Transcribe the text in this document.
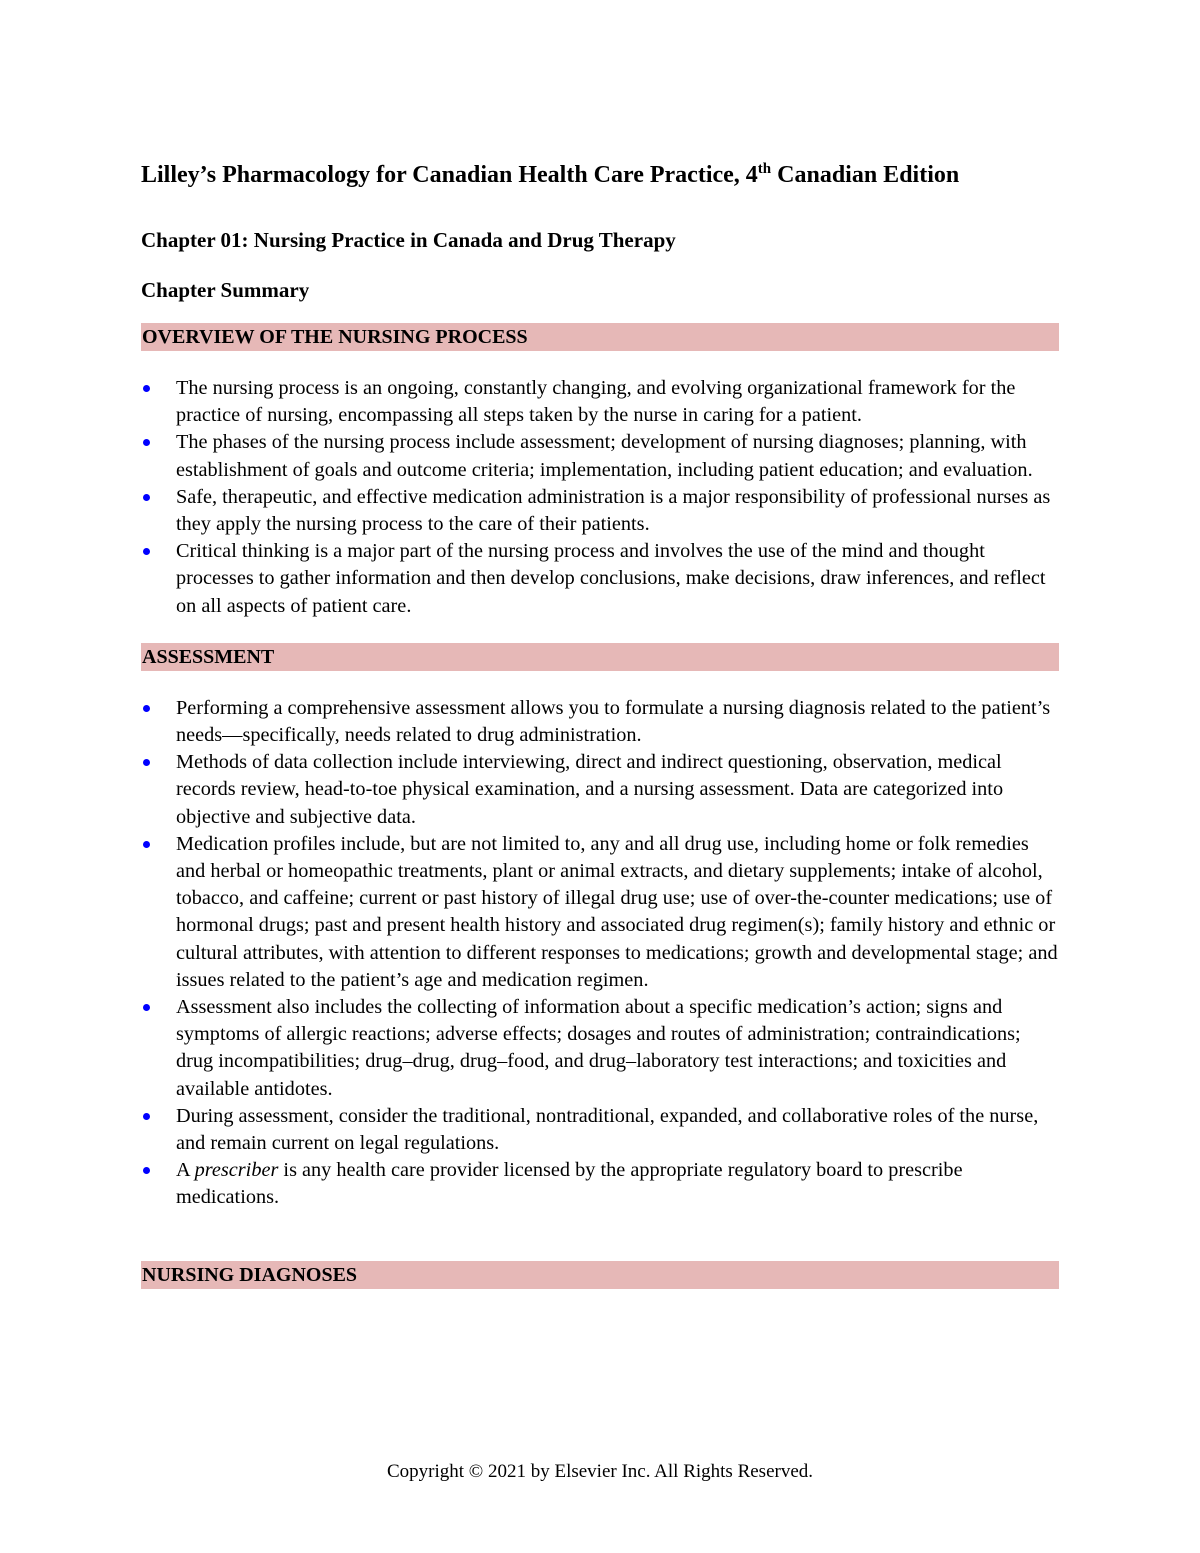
Lilley’s Pharmacology for Canadian Health Care Practice, 4th Canadian Edition

Chapter 01: Nursing Practice in Canada and Drug Therapy

Chapter Summary

OVERVIEW OF THE NURSING PROCESS
The nursing process is an ongoing, constantly changing, and evolving organizational framework for the practice of nursing, encompassing all steps taken by the nurse in caring for a patient.
The phases of the nursing process include assessment; development of nursing diagnoses; planning, with establishment of goals and outcome criteria; implementation, including patient education; and evaluation.
Safe, therapeutic, and effective medication administration is a major responsibility of professional nurses as they apply the nursing process to the care of their patients.
Critical thinking is a major part of the nursing process and involves the use of the mind and thought processes to gather information and then develop conclusions, make decisions, draw inferences, and reflect on all aspects of patient care.
ASSESSMENT
Performing a comprehensive assessment allows you to formulate a nursing diagnosis related to the patient’s needs—specifically, needs related to drug administration.
Methods of data collection include interviewing, direct and indirect questioning, observation, medical records review, head-to-toe physical examination, and a nursing assessment. Data are categorized into objective and subjective data.
Medication profiles include, but are not limited to, any and all drug use, including home or folk remedies and herbal or homeopathic treatments, plant or animal extracts, and dietary supplements; intake of alcohol, tobacco, and caffeine; current or past history of illegal drug use; use of over-the-counter medications; use of hormonal drugs; past and present health history and associated drug regimen(s); family history and ethnic or cultural attributes, with attention to different responses to medications; growth and developmental stage; and issues related to the patient’s age and medication regimen.
Assessment also includes the collecting of information about a specific medication’s action; signs and symptoms of allergic reactions; adverse effects; dosages and routes of administration; contraindications; drug incompatibilities; drug–drug, drug–food, and drug–laboratory test interactions; and toxicities and available antidotes.
During assessment, consider the traditional, nontraditional, expanded, and collaborative roles of the nurse, and remain current on legal regulations.
A prescriber is any health care provider licensed by the appropriate regulatory board to prescribe medications.
NURSING DIAGNOSES
Copyright © 2021 by Elsevier Inc. All Rights Reserved.
